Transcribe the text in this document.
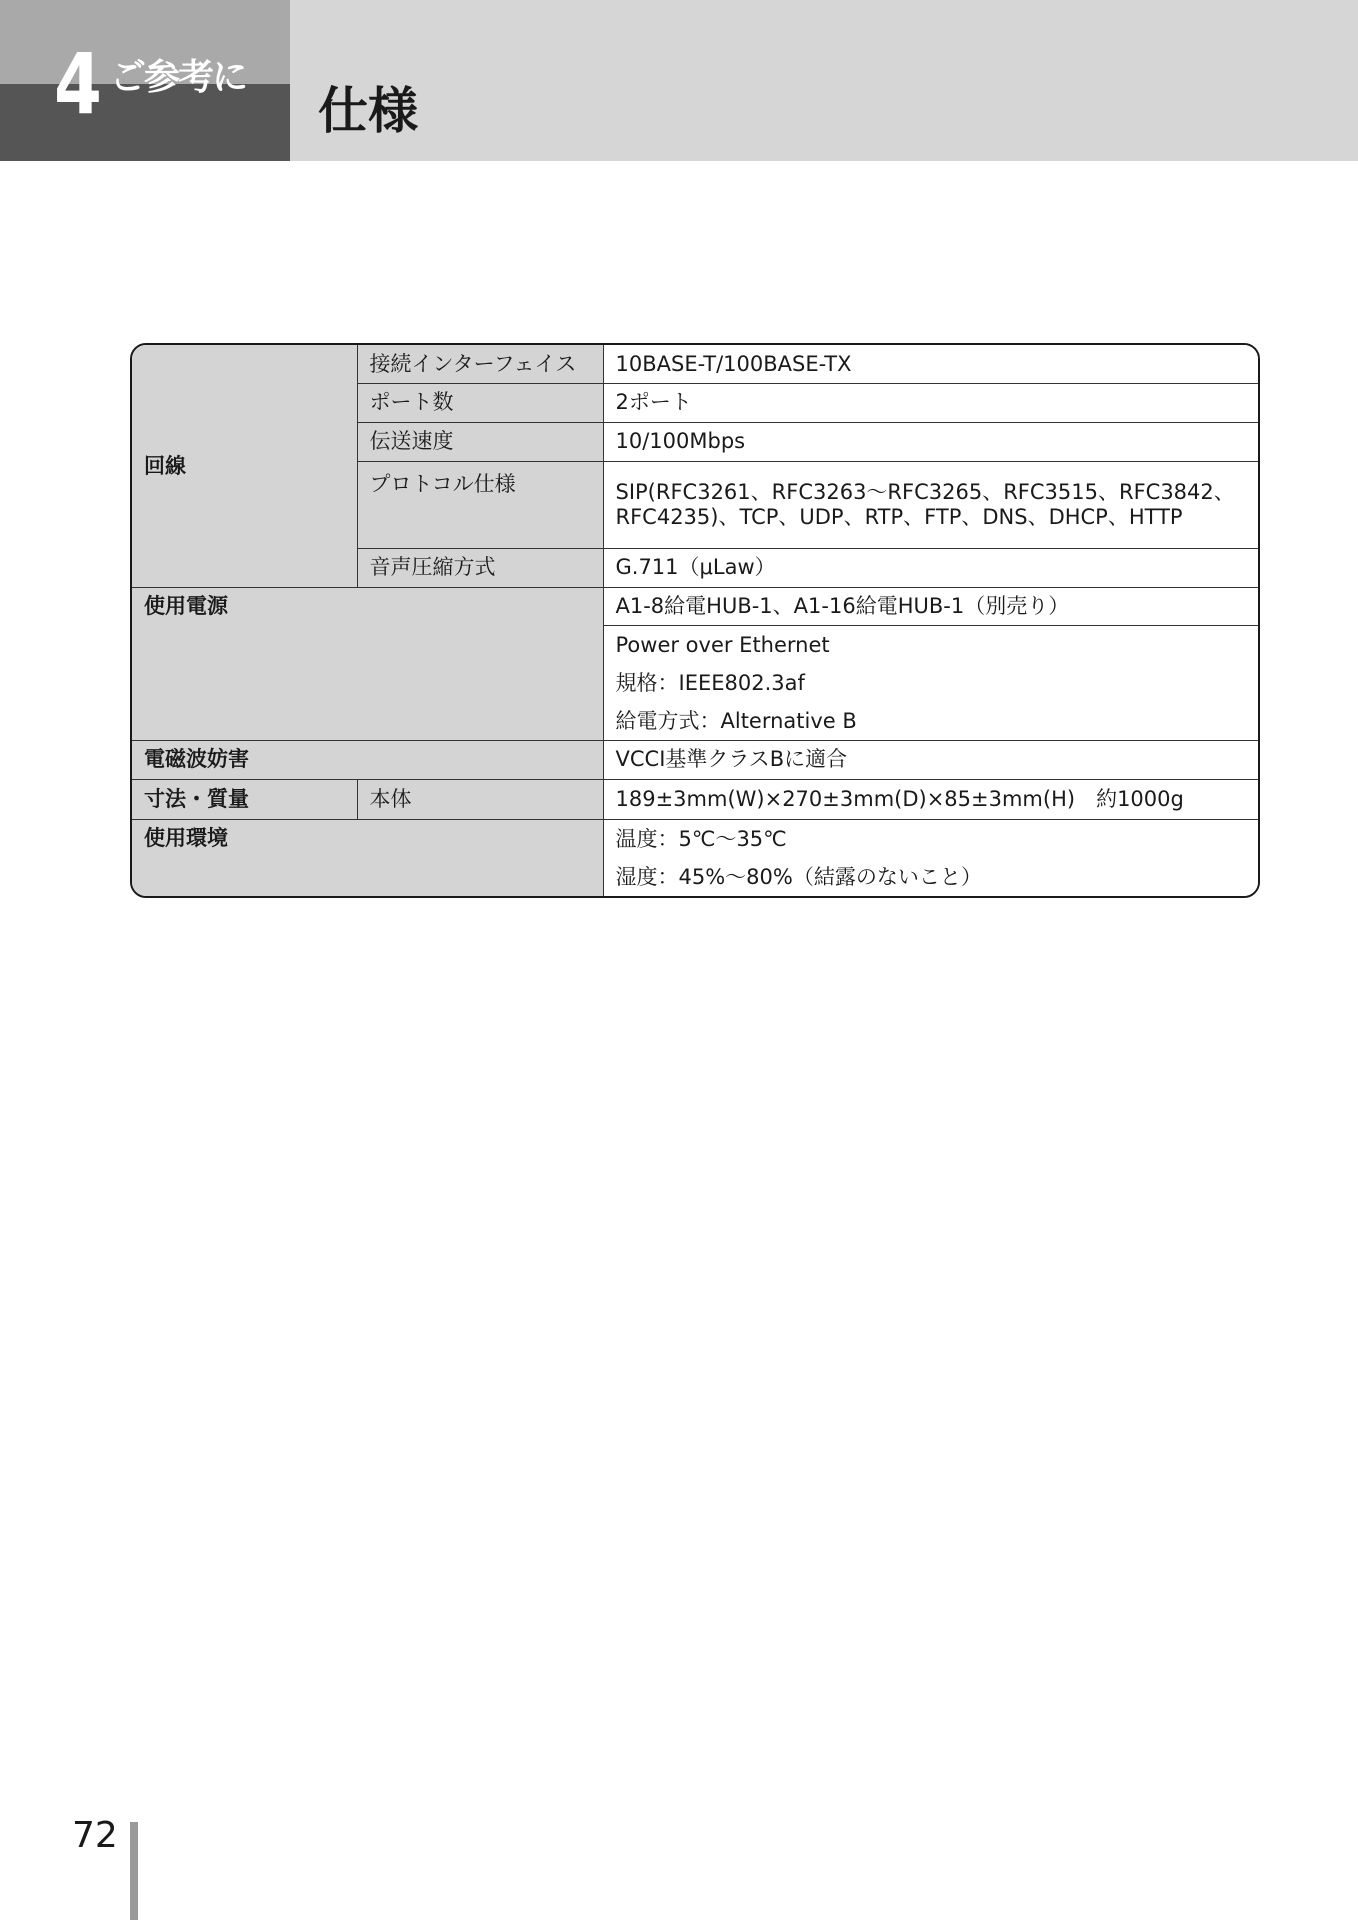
4 ご参考に
仕様
回線	接続インターフェイス	10BASE-T/100BASE-TX
	ポート数	2ポート
	伝送速度	10/100Mbps
	プロトコル仕様	SIP(RFC3261、RFC3263～RFC3265、RFC3515、RFC3842、
RFC4235)、TCP、UDP、RTP、FTP、DNS、DHCP、HTTP

	音声圧縮方式	G.711（μLaw）
使用電源		A1-8給電HUB-1、A1-16給電HUB-1（別売り）

		Power over Ethernet
規格：IEEE802.3af
給電方式：Alternative B

電磁波妨害		VCCI基準クラスBに適合
寸法・質量	本体	189±3mm(W)×270±3mm(D)×85±3mm(H)　約1000g
使用環境		温度：5℃～35℃
湿度：45%～80%（結露のないこと）
72
